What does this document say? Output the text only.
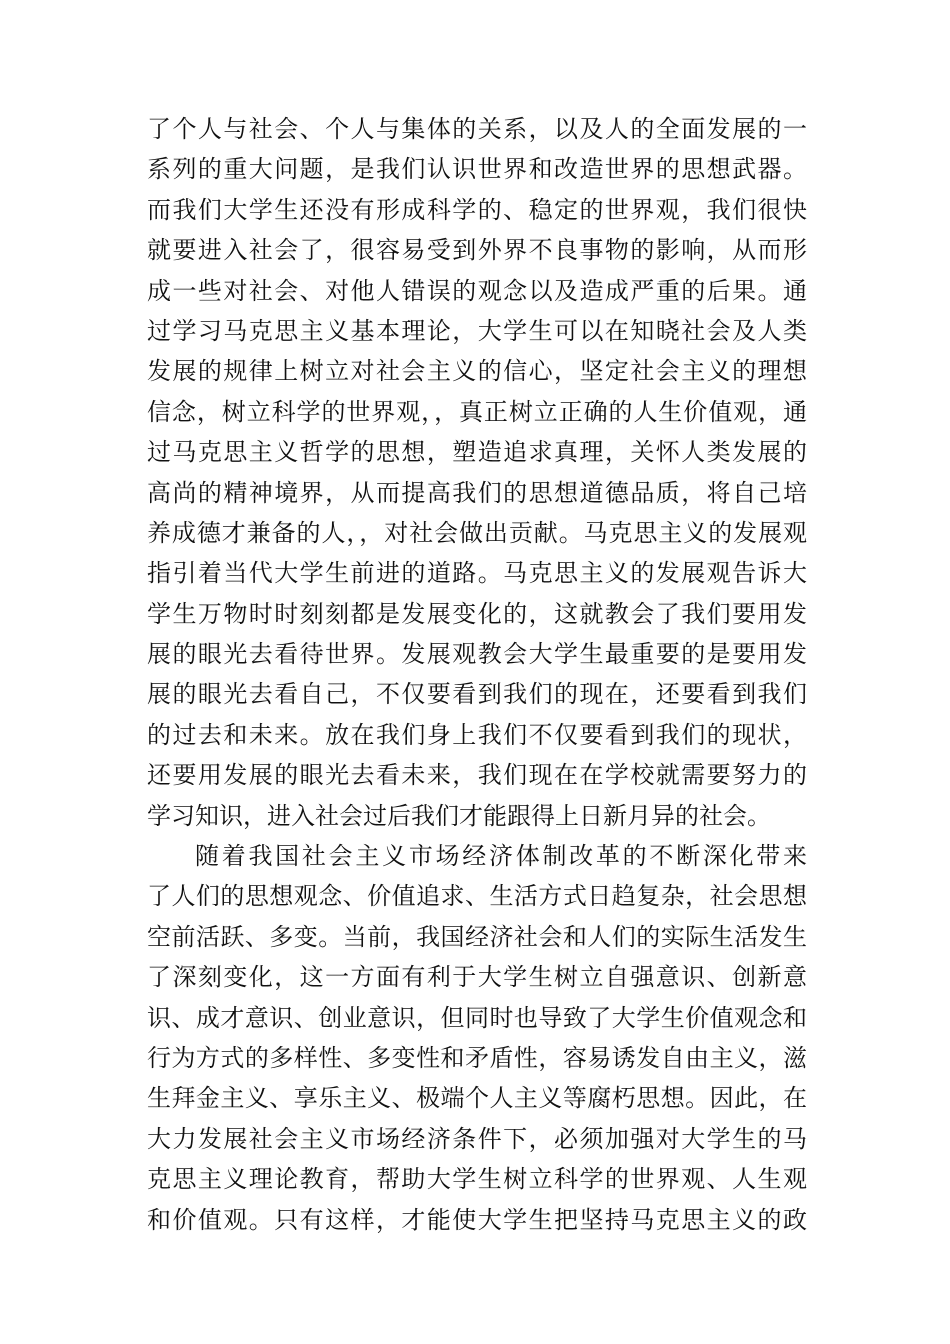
了个人与社会、个人与集体的关系，以及人的全面发展的一
系列的重大问题，是我们认识世界和改造世界的思想武器。
而我们大学生还没有形成科学的、稳定的世界观，我们很快
就要进入社会了，很容易受到外界不良事物的影响，从而形
成一些对社会、对他人错误的观念以及造成严重的后果。通
过学习马克思主义基本理论，大学生可以在知晓社会及人类
发展的规律上树立对社会主义的信心，坚定社会主义的理想
信念，树立科学的世界观，，真正树立正确的人生价值观，通
过马克思主义哲学的思想，塑造追求真理，关怀人类发展的
高尚的精神境界，从而提高我们的思想道德品质，将自己培
养成德才兼备的人，，对社会做出贡献。马克思主义的发展观
指引着当代大学生前进的道路。马克思主义的发展观告诉大
学生万物时时刻刻都是发展变化的，这就教会了我们要用发
展的眼光去看待世界。发展观教会大学生最重要的是要用发
展的眼光去看自己，不仅要看到我们的现在，还要看到我们
的过去和未来。放在我们身上我们不仅要看到我们的现状，
还要用发展的眼光去看未来，我们现在在学校就需要努力的
学习知识，进入社会过后我们才能跟得上日新月异的社会。
随着我国社会主义市场经济体制改革的不断深化带来
了人们的思想观念、价值追求、生活方式日趋复杂，社会思想
空前活跃、多变。当前，我国经济社会和人们的实际生活发生
了深刻变化，这一方面有利于大学生树立自强意识、创新意
识、成才意识、创业意识，但同时也导致了大学生价值观念和
行为方式的多样性、多变性和矛盾性，容易诱发自由主义，滋
生拜金主义、享乐主义、极端个人主义等腐朽思想。因此，在
大力发展社会主义市场经济条件下，必须加强对大学生的马
克思主义理论教育，帮助大学生树立科学的世界观、人生观
和价值观。只有这样，才能使大学生把坚持马克思主义的政
